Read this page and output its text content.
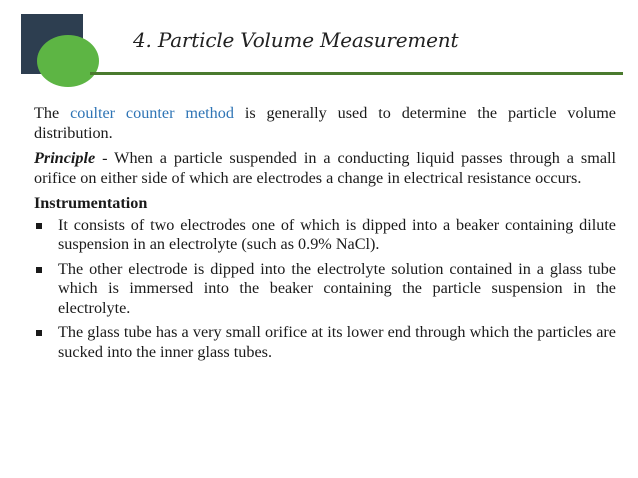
4. Particle Volume Measurement

The coulter counter method is generally used to determine the particle volume distribution.

Principle - When a particle suspended in a conducting liquid passes through a small orifice on either side of which are electrodes a change in electrical resistance occurs.

Instrumentation
It consists of two electrodes one of which is dipped into a beaker containing dilute suspension in an electrolyte (such as 0.9% NaCl).
The other electrode is dipped into the electrolyte solution contained in a glass tube which is immersed into the beaker containing the particle suspension in the electrolyte.
The glass tube has a very small orifice at its lower end through which the particles are sucked into the inner glass tubes.
